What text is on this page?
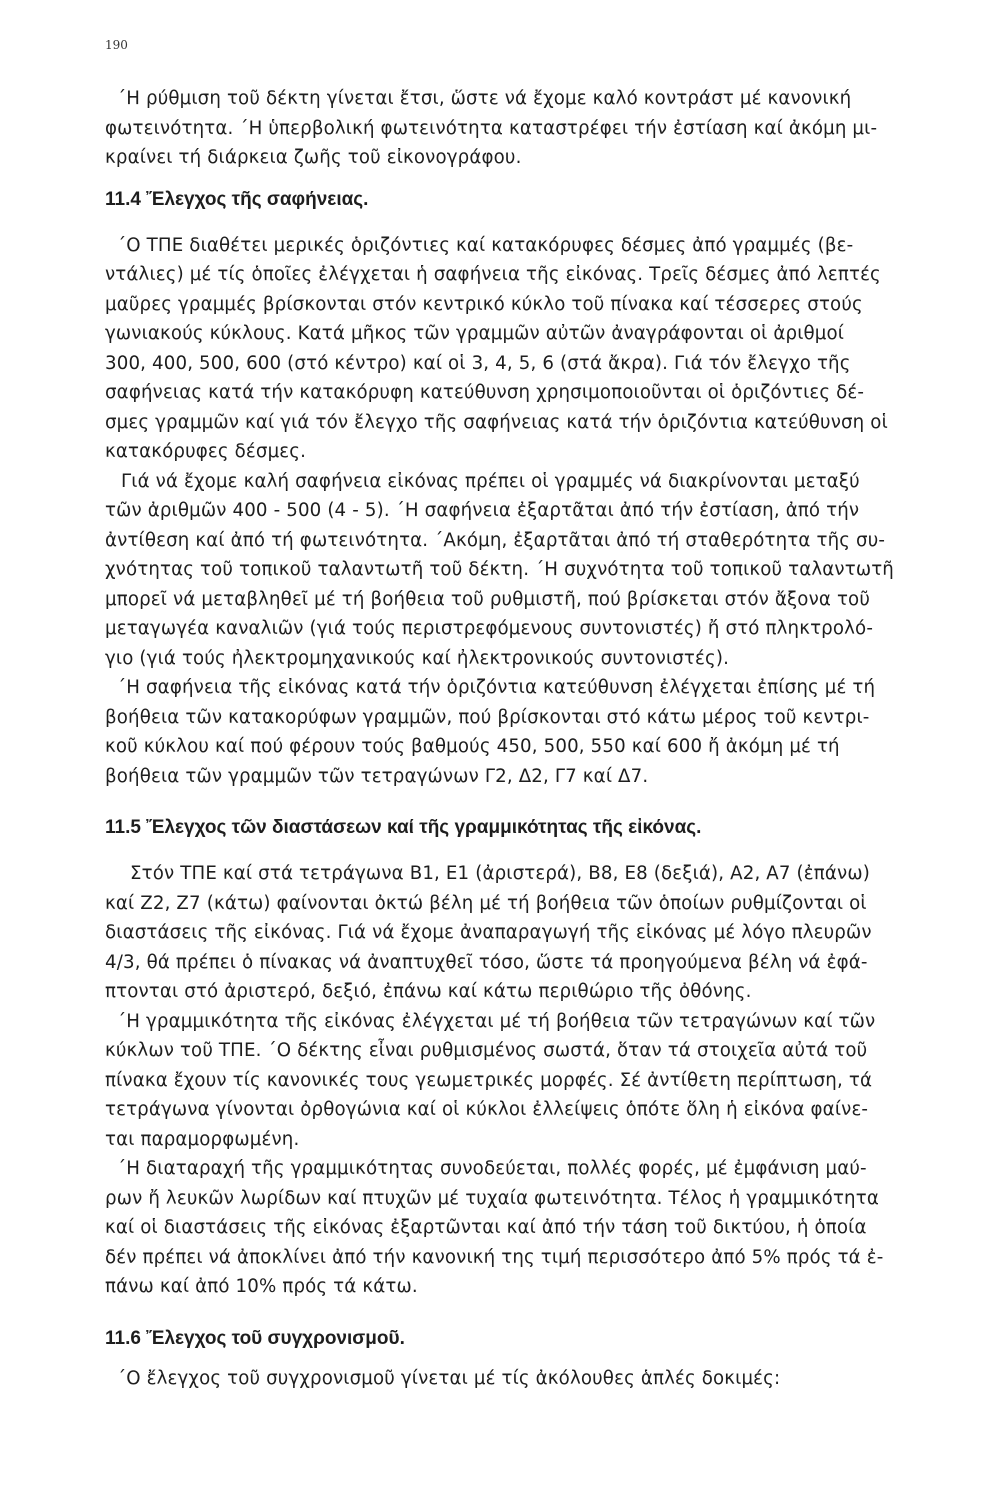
190

΄Η ρύθμιση τοῦ δέκτη γίνεται ἔτσι, ὥστε νά ἔχομε καλό κοντράστ μέ κανονική
φωτεινότητα. ΄Η ὑπερβολική φωτεινότητα καταστρέφει τήν ἐστίαση καί ἀκόμη μι-
κραίνει τή διάρκεια ζωῆς τοῦ εἰκονογράφου.

11.4 Ἔλεγχος τῆς σαφήνειας.

΄Ο ΤΠΕ διαθέτει μερικές ὁριζόντιες καί κατακόρυφες δέσμες ἀπό γραμμές (βε-
ντάλιες) μέ τίς ὁποῖες ἐλέγχεται ἡ σαφήνεια τῆς εἰκόνας. Τρεῖς δέσμες ἀπό λεπτές
μαῦρες γραμμές βρίσκονται στόν κεντρικό κύκλο τοῦ πίνακα καί τέσσερες στούς
γωνιακούς κύκλους. Κατά μῆκος τῶν γραμμῶν αὐτῶν ἀναγράφονται οἱ ἀριθμοί
300, 400, 500, 600 (στό κέντρο) καί οἱ 3, 4, 5, 6 (στά ἄκρα). Γιά τόν ἔλεγχο τῆς
σαφήνειας κατά τήν κατακόρυφη κατεύθυνση χρησιμοποιοῦνται οἱ ὁριζόντιες δέ-
σμες γραμμῶν καί γιά τόν ἔλεγχο τῆς σαφήνειας κατά τήν ὁριζόντια κατεύθυνση οἱ
κατακόρυφες δέσμες.

Γιά νά ἔχομε καλή σαφήνεια εἰκόνας πρέπει οἱ γραμμές νά διακρίνονται μεταξύ
τῶν ἀριθμῶν 400 - 500 (4 - 5). ΄Η σαφήνεια ἐξαρτᾶται ἀπό τήν ἐστίαση, ἀπό τήν
ἀντίθεση καί ἀπό τή φωτεινότητα. ΄Ακόμη, ἐξαρτᾶται ἀπό τή σταθερότητα τῆς συ-
χνότητας τοῦ τοπικοῦ ταλαντωτῆ τοῦ δέκτη. ΄Η συχνότητα τοῦ τοπικοῦ ταλαντωτῆ
μπορεῖ νά μεταβληθεῖ μέ τή βοήθεια τοῦ ρυθμιστῆ, πού βρίσκεται στόν ἄξονα τοῦ
μεταγωγέα καναλιῶν (γιά τούς περιστρεφόμενους συντονιστές) ἤ στό πληκτρολό-
γιο (γιά τούς ἠλεκτρομηχανικούς καί ἠλεκτρονικούς συντονιστές).

΄Η σαφήνεια τῆς εἰκόνας κατά τήν ὁριζόντια κατεύθυνση ἐλέγχεται ἐπίσης μέ τή
βοήθεια τῶν κατακορύφων γραμμῶν, πού βρίσκονται στό κάτω μέρος τοῦ κεντρι-
κοῦ κύκλου καί πού φέρουν τούς βαθμούς 450, 500, 550 καί 600 ἤ ἀκόμη μέ τή
βοήθεια τῶν γραμμῶν τῶν τετραγώνων Γ2, Δ2, Γ7 καί Δ7.

11.5 Ἔλεγχος τῶν διαστάσεων καί τῆς γραμμικότητας τῆς εἰκόνας.

Στόν ΤΠΕ καί στά τετράγωνα Β1, Ε1 (ἀριστερά), Β8, Ε8 (δεξιά), Α2, Α7 (ἐπάνω)
καί Ζ2, Ζ7 (κάτω) φαίνονται ὀκτώ βέλη μέ τή βοήθεια τῶν ὁποίων ρυθμίζονται οἱ
διαστάσεις τῆς εἰκόνας. Γιά νά ἔχομε ἀναπαραγωγή τῆς εἰκόνας μέ λόγο πλευρῶν
4/3, θά πρέπει ὁ πίνακας νά ἀναπτυχθεῖ τόσο, ὥστε τά προηγούμενα βέλη νά ἐφά-
πτονται στό ἀριστερό, δεξιό, ἐπάνω καί κάτω περιθώριο τῆς ὀθόνης.

΄Η γραμμικότητα τῆς εἰκόνας ἐλέγχεται μέ τή βοήθεια τῶν τετραγώνων καί τῶν
κύκλων τοῦ ΤΠΕ. ΄Ο δέκτης εἶναι ρυθμισμένος σωστά, ὅταν τά στοιχεῖα αὐτά τοῦ
πίνακα ἔχουν τίς κανονικές τους γεωμετρικές μορφές. Σέ ἀντίθετη περίπτωση, τά
τετράγωνα γίνονται ὀρθογώνια καί οἱ κύκλοι ἐλλείψεις ὁπότε ὅλη ἡ εἰκόνα φαίνε-
ται παραμορφωμένη.

΄Η διαταραχή τῆς γραμμικότητας συνοδεύεται, πολλές φορές, μέ ἐμφάνιση μαύ-
ρων ἤ λευκῶν λωρίδων καί πτυχῶν μέ τυχαία φωτεινότητα. Τέλος ἡ γραμμικότητα
καί οἱ διαστάσεις τῆς εἰκόνας ἐξαρτῶνται καί ἀπό τήν τάση τοῦ δικτύου, ἡ ὁποία
δέν πρέπει νά ἀποκλίνει ἀπό τήν κανονική της τιμή περισσότερο ἀπό 5% πρός τά ἐ-
πάνω καί ἀπό 10% πρός τά κάτω.

11.6 Ἔλεγχος τοῦ συγχρονισμοῦ.

΄Ο ἔλεγχος τοῦ συγχρονισμοῦ γίνεται μέ τίς ἀκόλουθες ἁπλές δοκιμές:
